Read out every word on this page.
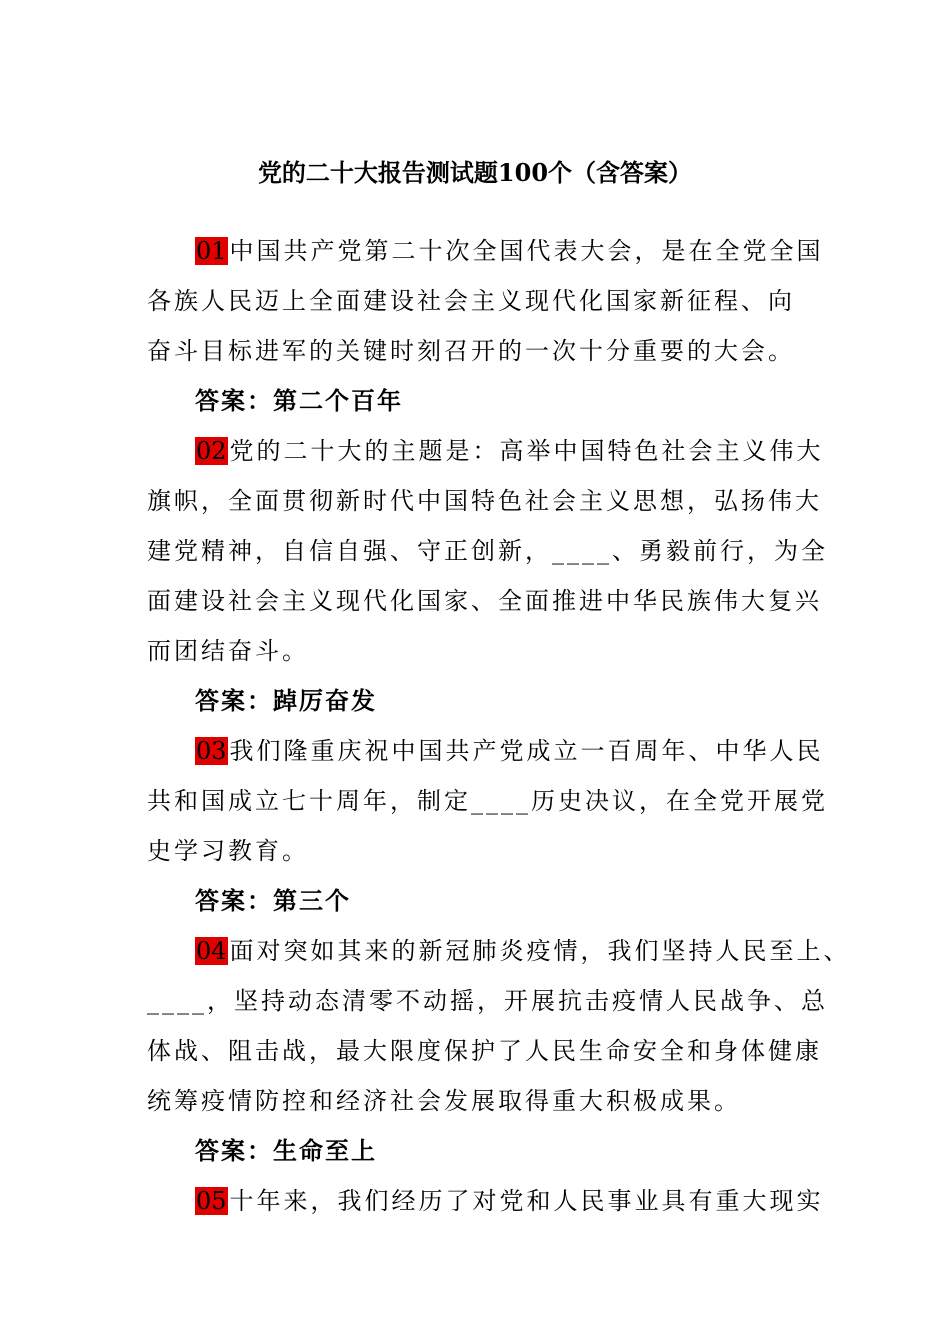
党的二十大报告测试题100个（含答案）
01 中国共产党第二十次全国代表大会，是在全党全国
各族人民迈上全面建设社会主义现代化国家新征程、向
奋斗目标进军的关键时刻召开的一次十分重要的大会。
答案：第二个百年
02 党的二十大的主题是：高举中国特色社会主义伟大
旗帜，全面贯彻新时代中国特色社会主义思想，弘扬伟大
建党精神，自信自强、守正创新，____、勇毅前行，为全
面建设社会主义现代化国家、全面推进中华民族伟大复兴
而团结奋斗。
答案：踔厉奋发
03 我们隆重庆祝中国共产党成立一百周年、中华人民
共和国成立七十周年，制定____历史决议，在全党开展党
史学习教育。
答案：第三个
04 面对突如其来的新冠肺炎疫情，我们坚持人民至上、
____，坚持动态清零不动摇，开展抗击疫情人民战争、总
体战、阻击战，最大限度保护了人民生命安全和身体健康
统筹疫情防控和经济社会发展取得重大积极成果。
答案：生命至上
05 十年来，我们经历了对党和人民事业具有重大现实
